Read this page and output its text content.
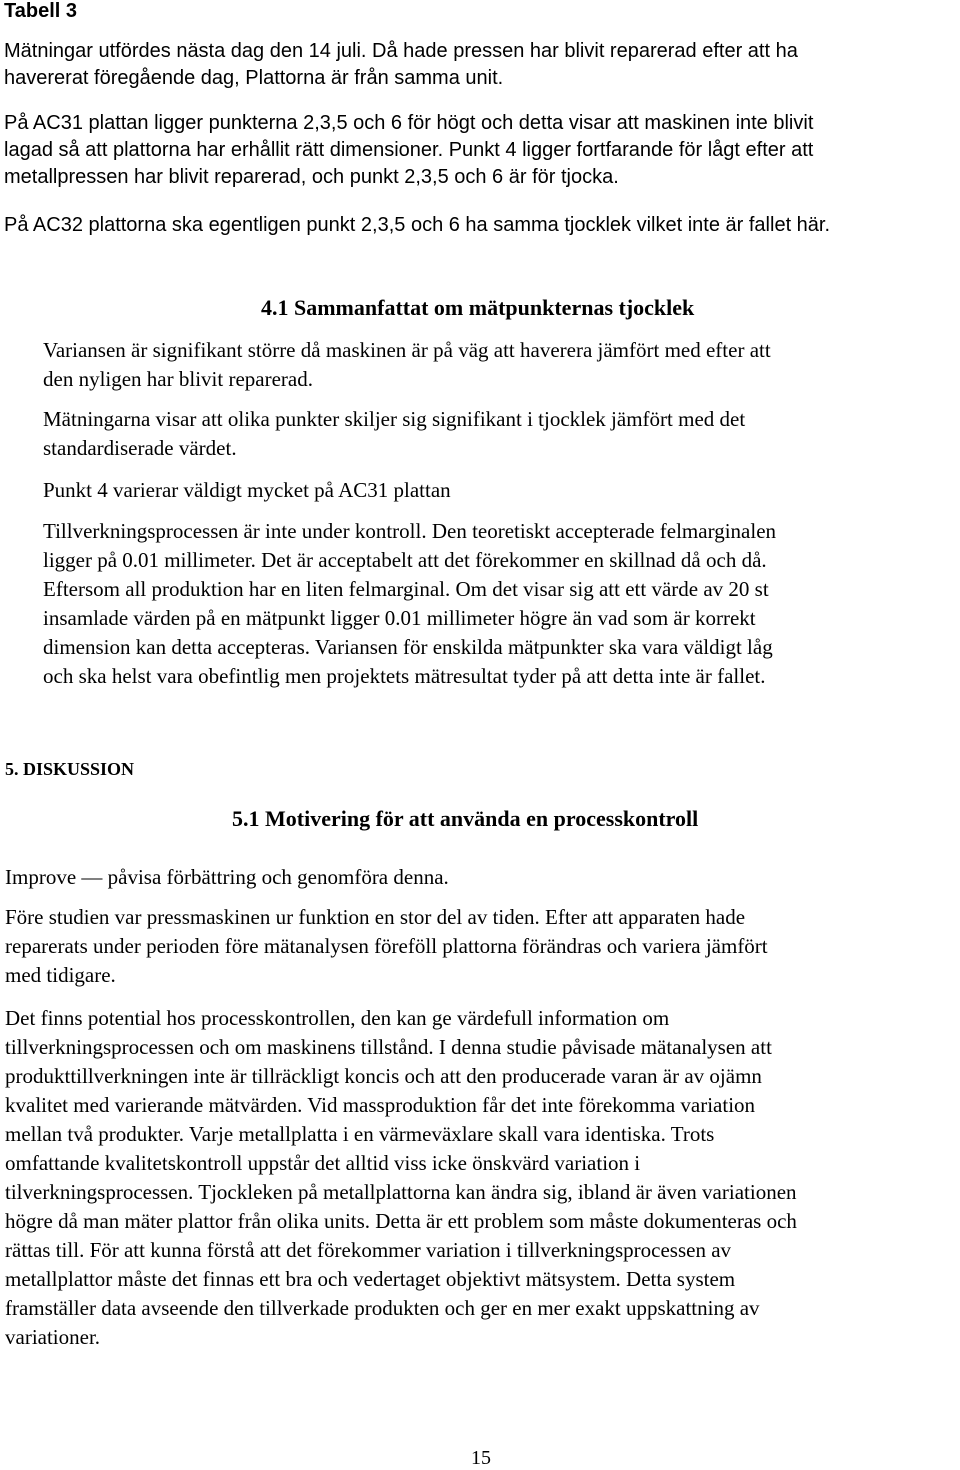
Tabell 3

Mätningar utfördes nästa dag den 14 juli. Då hade pressen har blivit reparerad efter att ha
havererat föregående dag, Plattorna är från samma unit.

På AC31 plattan ligger punkterna 2,3,5 och 6 för högt och detta visar att maskinen inte blivit
lagad så att plattorna har erhållit rätt dimensioner. Punkt 4 ligger fortfarande för lågt efter att
metallpressen har blivit reparerad, och punkt 2,3,5 och 6 är för tjocka.

På AC32 plattorna ska egentligen punkt 2,3,5 och 6 ha samma tjocklek vilket inte är fallet här.

4.1 Sammanfattat om mätpunkternas tjocklek

Variansen är signifikant större då maskinen är på väg att haverera jämfört med efter att
den nyligen har blivit reparerad.

Mätningarna visar att olika punkter skiljer sig signifikant i tjocklek jämfört med det
standardiserade värdet.

Punkt 4 varierar väldigt mycket på AC31 plattan

Tillverkningsprocessen är inte under kontroll. Den teoretiskt accepterade felmarginalen
ligger på 0.01 millimeter. Det är acceptabelt att det förekommer en skillnad då och då.
Eftersom all produktion har en liten felmarginal. Om det visar sig att ett värde av 20 st
insamlade värden på en mätpunkt ligger 0.01 millimeter högre än vad som är korrekt
dimension kan detta accepteras. Variansen för enskilda mätpunkter ska vara väldigt låg
och ska helst vara obefintlig men projektets mätresultat tyder på att detta inte är fallet.

5. DISKUSSION
5.1 Motivering för att använda en processkontroll

Improve — påvisa förbättring och genomföra denna.

Före studien var pressmaskinen ur funktion en stor del av tiden. Efter att apparaten hade
reparerats under perioden före mätanalysen föreföll plattorna förändras och variera jämfört
med tidigare.

Det finns potential hos processkontrollen, den kan ge värdefull information om
tillverkningsprocessen och om maskinens tillstånd. I denna studie påvisade mätanalysen att
produkttillverkningen inte är tillräckligt koncis och att den producerade varan är av ojämn
kvalitet med varierande mätvärden. Vid massproduktion får det inte förekomma variation
mellan två produkter. Varje metallplatta i en värmeväxlare skall vara identiska. Trots
omfattande kvalitetskontroll uppstår det alltid viss icke önskvärd variation i
tilverkningsprocessen. Tjockleken på metallplattorna kan ändra sig, ibland är även variationen
högre då man mäter plattor från olika units. Detta är ett problem som måste dokumenteras och
rättas till. För att kunna förstå att det förekommer variation i tillverkningsprocessen av
metallplattor måste det finnas ett bra och vedertaget objektivt mätsystem. Detta system
framställer data avseende den tillverkade produkten och ger en mer exakt uppskattning av
variationer.

15
